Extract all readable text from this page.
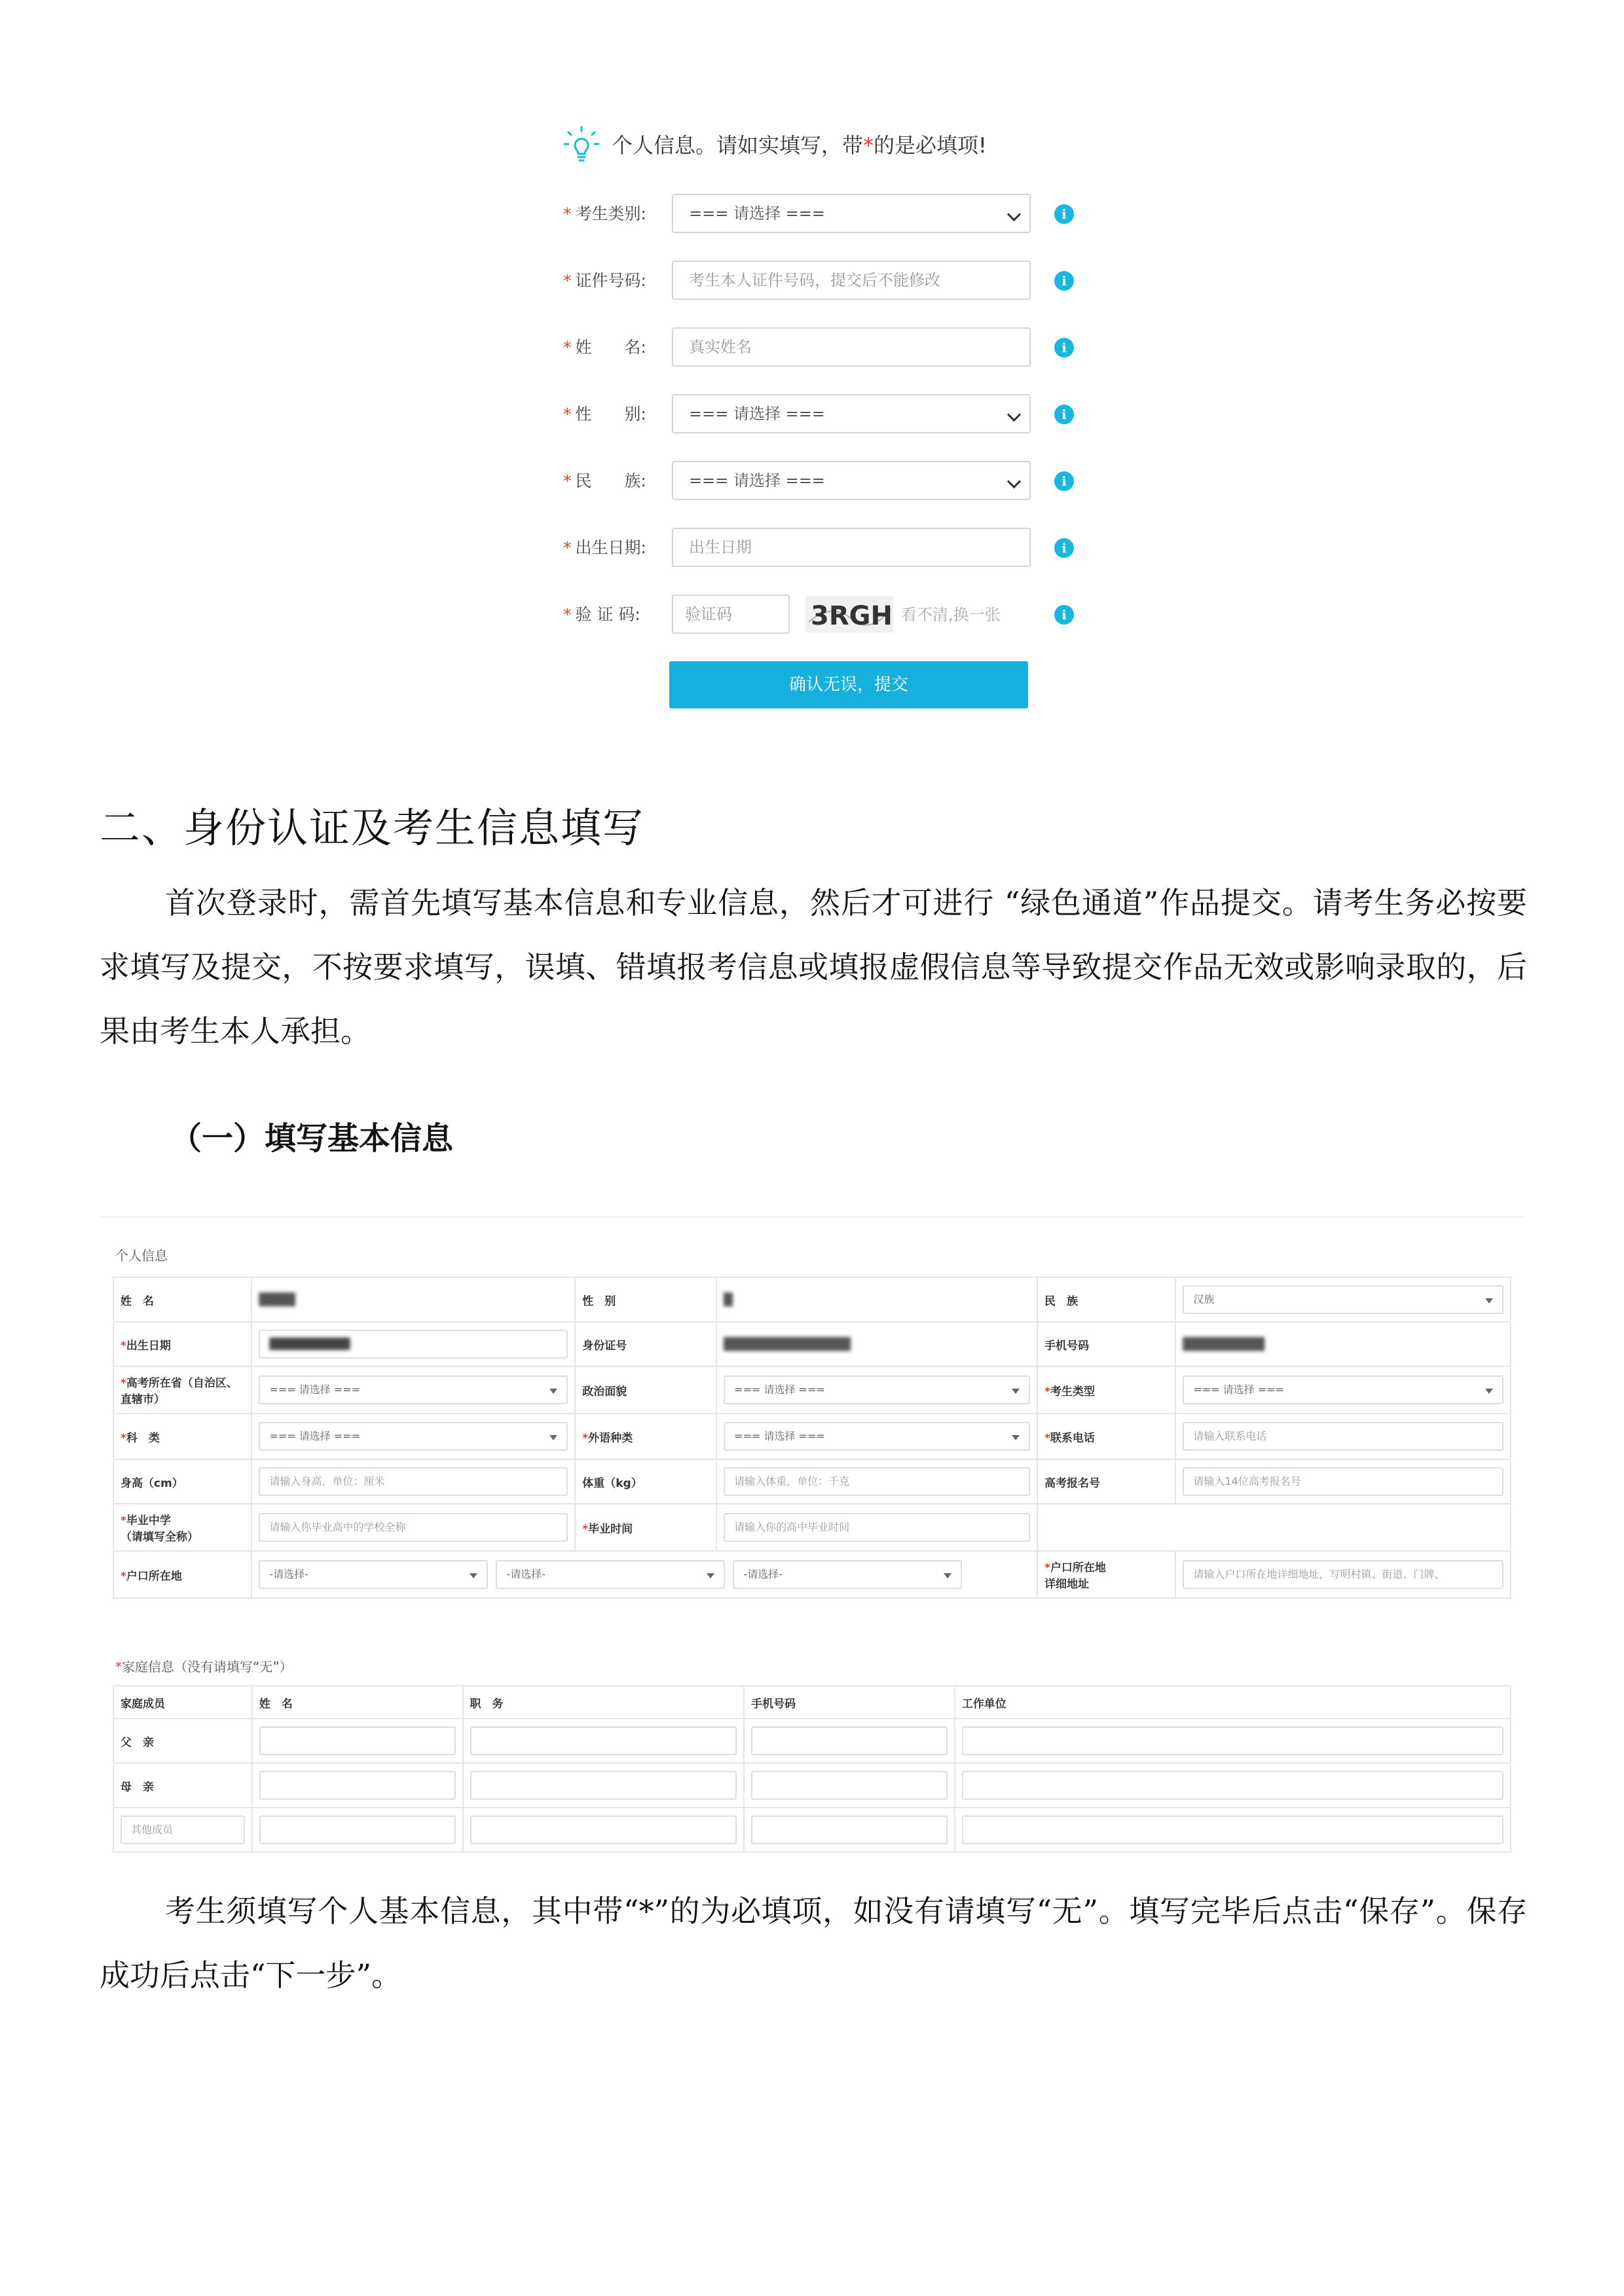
个人信息。请如实填写，带*的是必填项!
* 考生类别:	=== 请选择 ===	i
* 证件号码:	考生本人证件号码，提交后不能修改	i
* 姓　　名:	真实姓名	i
* 性　　别:	=== 请选择 ===	i
* 民　　族:	=== 请选择 ===	i
* 出生日期:	出生日期	i
* 验 证 码:	验证码	3RGH 看不清,换一张	i
确认无误，提交
二、身份认证及考生信息填写
首次登录时，需首先填写基本信息和专业信息，然后才可进行 “绿色通道”作品提交。请考生务必按要求填写及提交，不按要求填写，误填、错填报考信息或填报虚假信息等导致提交作品无效或影响录取的，后果由考生本人承担。
（一）填写基本信息
个人信息
姓　名	████	性　别	█	民　族	汉族

*出生日期	██████████	身份证号	██████████████	手机号码	█████████
*高考所在省（自治区、直辖市）	=== 请选择 ===	政治面貌	=== 请选择 ===	*考生类型	=== 请选择 ===

*科　类	=== 请选择 ===	*外语种类	=== 请选择 ===	*联系电话	请输入联系电话

身高（cm）	请输入身高，单位：厘米	体重（kg）	请输入体重，单位：千克	高考报名号	请输入14位高考报名号

*毕业中学
（请填写全称）	请输入你毕业高中的学校全称	*毕业时间	请输入你的高中毕业时间		

*户口所在地	-请选择- -请选择- -请选择-			*户口所在地
详细地址	请输入户口所在地详细地址，写明村镇、街道、门牌、
*家庭信息（没有请填写“无”）
家庭成员	姓　名	职　务	手机号码	工作单位
父　亲	

母　亲	

其他成员				

考生须填写个人基本信息，其中带“*”的为必填项，如没有请填写“无”。填写完毕后点击“保存”。保存成功后点击“下一步”。
